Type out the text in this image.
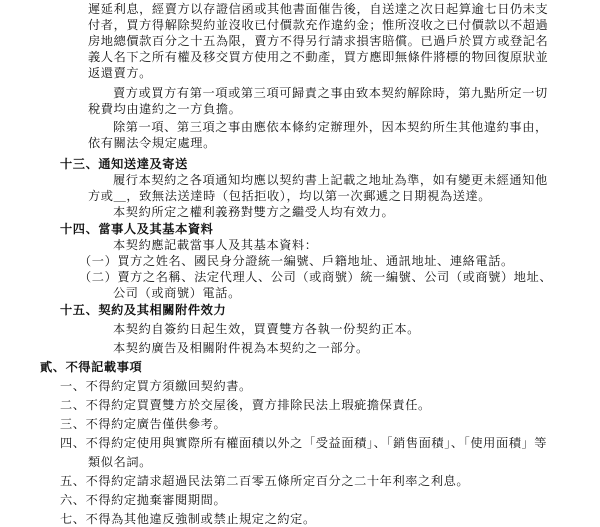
遲延利息，經賣方以存證信函或其他書面催告後，自送達之次日起算逾七日仍未支
付者，買方得解除契約並沒收已付價款充作違約金；惟所沒收之已付價款以不超過
房地總價款百分之十五為限，賣方不得另行請求損害賠償。已過戶於買方或登記名
義人名下之所有權及移交買方使用之不動產，買方應即無條件將標的物回復原狀並
返還賣方。
賣方或買方有第一項或第三項可歸責之事由致本契約解除時，第九點所定一切
稅費均由違約之一方負擔。
除第一項、第三項之事由應依本條約定辦理外，因本契約所生其他違約事由，
依有關法令規定處理。
十三、通知送達及寄送
履行本契約之各項通知均應以契約書上記載之地址為準，如有變更未經通知他
方或＿，致無法送達時（包括拒收），均以第一次郵遞之日期視為送達。
本契約所定之權利義務對雙方之繼受人均有效力。
十四、當事人及其基本資料
本契約應記載當事人及其基本資料：
（一）買方之姓名、國民身分證統一編號、戶籍地址、通訊地址、連絡電話。
（二）賣方之名稱、法定代理人、公司（或商號）統一編號、公司（或商號）地址、
公司（或商號）電話。
十五、契約及其相關附件效力
本契約自簽約日起生效，買賣雙方各執一份契約正本。
本契約廣告及相關附件視為本契約之一部分。
貳、不得記載事項
一、不得約定買方須繳回契約書。
二、不得約定買賣雙方於交屋後，賣方排除民法上瑕疵擔保責任。
三、不得約定廣告僅供參考。
四、不得約定使用與實際所有權面積以外之「受益面積」、「銷售面積」、「使用面積」等
類似名詞。
五、不得約定請求超過民法第二百零五條所定百分之二十年利率之利息。
六、不得約定拋棄審閱期間。
七、不得為其他違反強制或禁止規定之約定。
